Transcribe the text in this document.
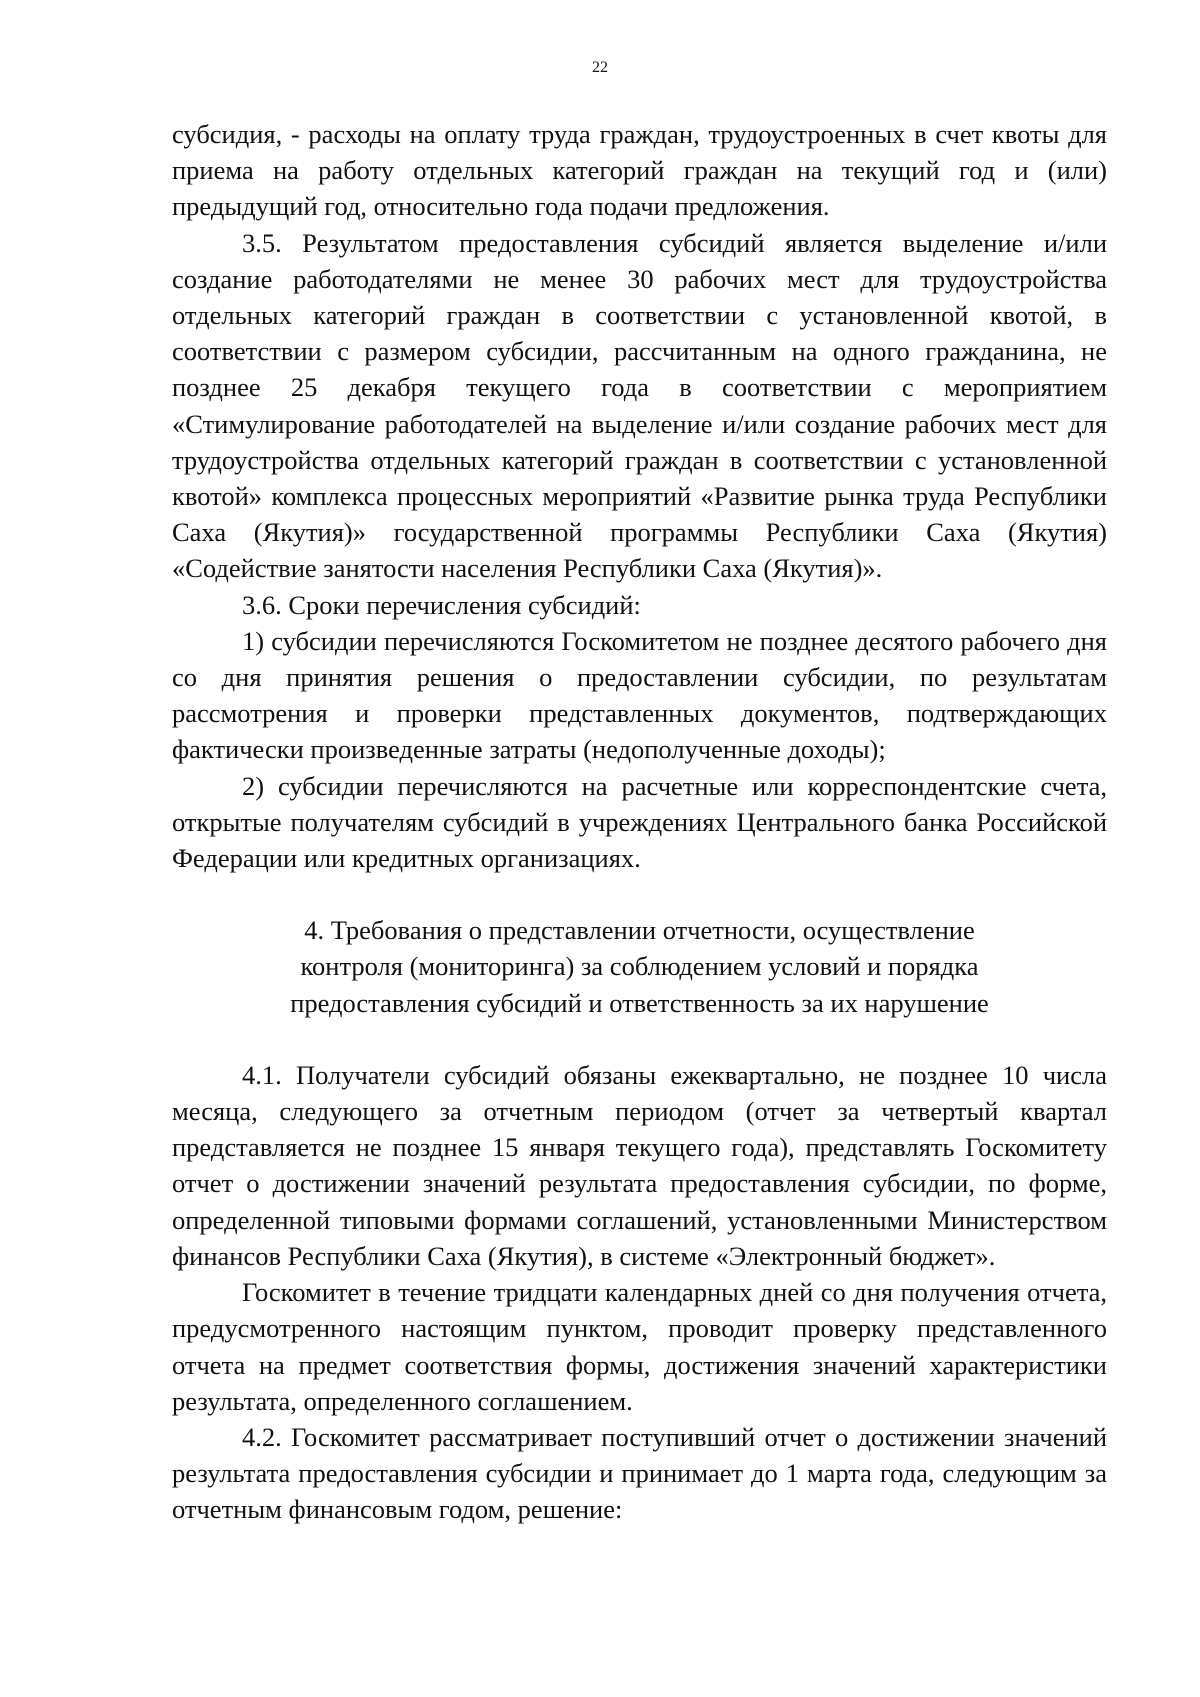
22

субсидия, - расходы на оплату труда граждан, трудоустроенных в счет квоты для приема на работу отдельных категорий граждан на текущий год и (или) предыдущий год, относительно года подачи предложения.

3.5. Результатом предоставления субсидий является выделение и/или создание работодателями не менее 30 рабочих мест для трудоустройства отдельных категорий граждан в соответствии с установленной квотой, в соответствии с размером субсидии, рассчитанным на одного гражданина, не позднее 25 декабря текущего года в соответствии с мероприятием «Стимулирование работодателей на выделение и/или создание рабочих мест для трудоустройства отдельных категорий граждан в соответствии с установленной квотой» комплекса процессных мероприятий «Развитие рынка труда Республики Саха (Якутия)» государственной программы Республики Саха (Якутия) «Содействие занятости населения Республики Саха (Якутия)».

3.6. Сроки перечисления субсидий:

1) субсидии перечисляются Госкомитетом не позднее десятого рабочего дня со дня принятия решения о предоставлении субсидии, по результатам рассмотрения и проверки представленных документов, подтверждающих фактически произведенные затраты (недополученные доходы);

2) субсидии перечисляются на расчетные или корреспондентские счета, открытые получателям субсидий в учреждениях Центрального банка Российской Федерации или кредитных организациях.

4. Требования о представлении отчетности, осуществление
контроля (мониторинга) за соблюдением условий и порядка
предоставления субсидий и ответственность за их нарушение

4.1. Получатели субсидий обязаны ежеквартально, не позднее 10 числа месяца, следующего за отчетным периодом (отчет за четвертый квартал представляется не позднее 15 января текущего года), представлять Госкомитету отчет о достижении значений результата предоставления субсидии, по форме, определенной типовыми формами соглашений, установленными Министерством финансов Республики Саха (Якутия), в системе «Электронный бюджет».

Госкомитет в течение тридцати календарных дней со дня получения отчета, предусмотренного настоящим пунктом, проводит проверку представленного отчета на предмет соответствия формы, достижения значений характеристики результата, определенного соглашением.

4.2. Госкомитет рассматривает поступивший отчет о достижении значений результата предоставления субсидии и принимает до 1 марта года, следующим за отчетным финансовым годом, решение:
